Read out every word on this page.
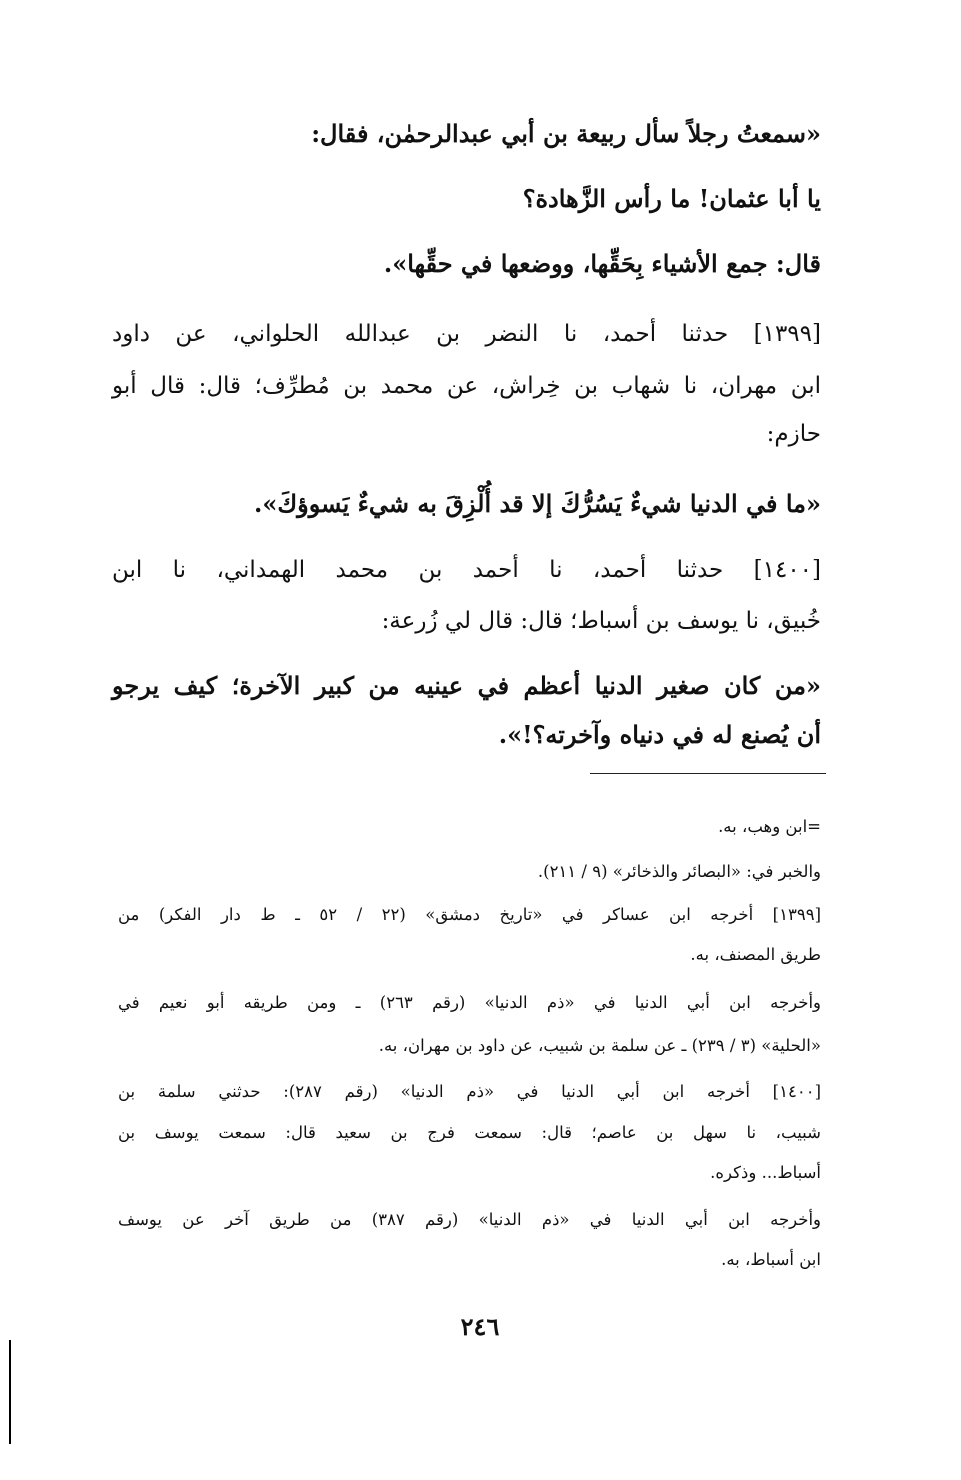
«سمعتُ رجلاً سأل ربيعة بن أبي عبدالرحمٰن، فقال:
يا أبا عثمان! ما رأس الزَّهادة؟
قال: جمع الأشياء بِحَقِّها، ووضعها في حقِّها».
[١٣٩٩] حدثنا أحمد، نا النضر بن عبدالله الحلواني، عن داود
ابن مهران، نا شهاب بن خِراش، عن محمد بن مُطرِّف؛ قال: قال أبو
حازم:
«ما في الدنيا شيءٌ يَسُرُّكَ إلا قد أُلْزِقَ به شيءٌ يَسوؤكَ».
[١٤٠٠] حدثنا أحمد، نا أحمد بن محمد الهمداني، نا ابن
خُبيق، نا يوسف بن أسباط؛ قال: قال لي زُرعة:
«من كان صغير الدنيا أعظم في عينيه من كبير الآخرة؛ كيف يرجو
أن يُصنع له في دنياه وآخرته؟!».
=ابن وهب، به.
والخبر في: «البصائر والذخائر» (٩ / ٢١١).
[١٣٩٩] أخرجه ابن عساكر في «تاريخ دمشق» (٢٢ / ٥٢ ـ ط دار الفكر) من
طريق المصنف، به.
وأخرجه ابن أبي الدنيا في «ذم الدنيا» (رقم ٢٦٣) ـ ومن طريقه أبو نعيم في
«الحلية» (٣ / ٢٣٩) ـ عن سلمة بن شبيب، عن داود بن مهران، به.
[١٤٠٠] أخرجه ابن أبي الدنيا في «ذم الدنيا» (رقم ٢٨٧): حدثني سلمة بن
شبيب، نا سهل بن عاصم؛ قال: سمعت فرج بن سعيد قال: سمعت يوسف بن
أسباط... وذكره.
وأخرجه ابن أبي الدنيا في «ذم الدنيا» (رقم ٣٨٧) من طريق آخر عن يوسف
ابن أسباط، به.
٢٤٦
